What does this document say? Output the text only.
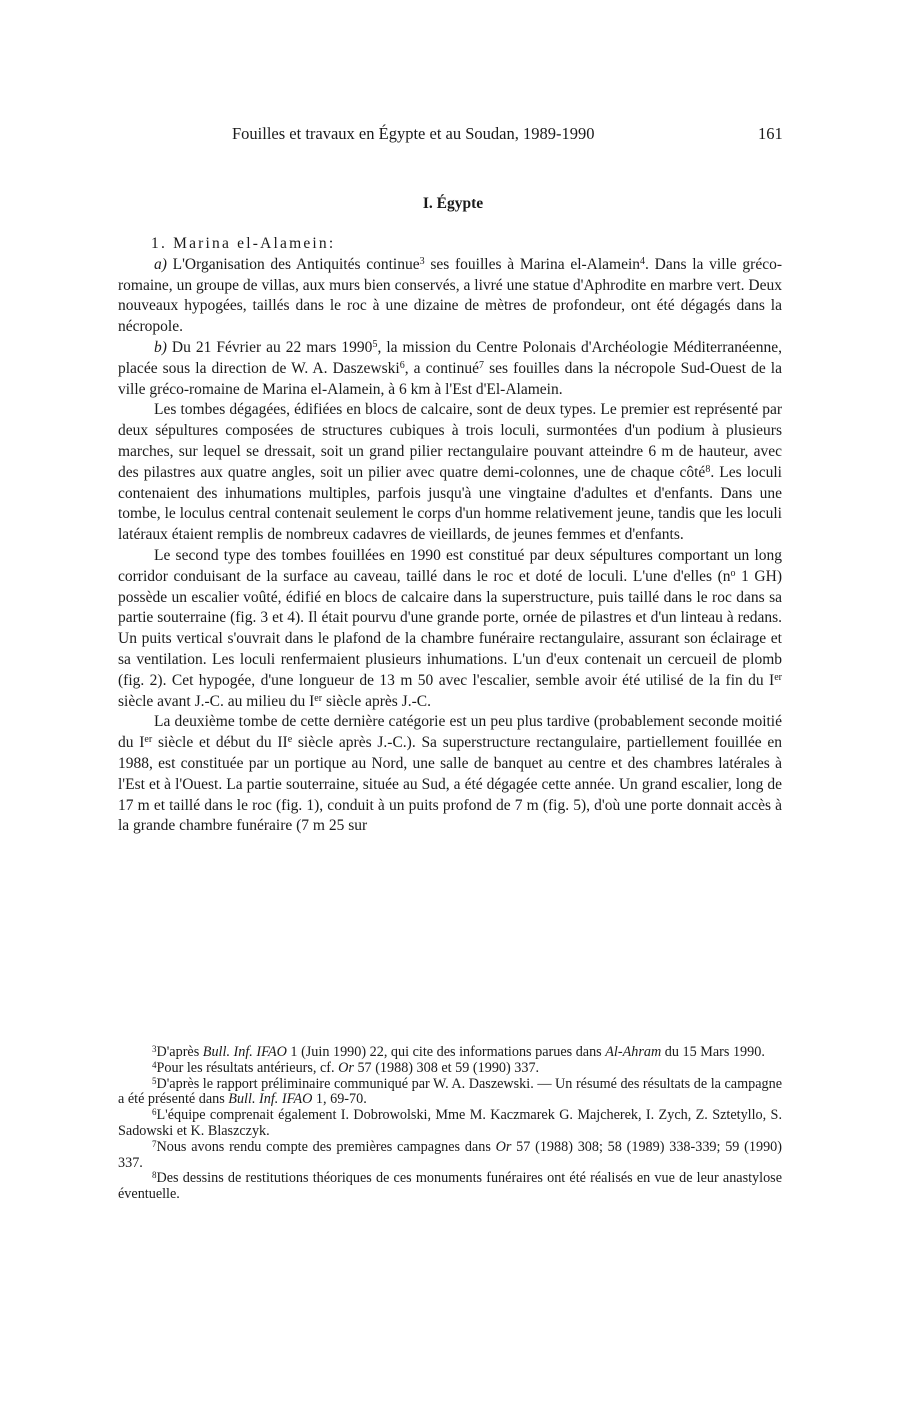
Fouilles et travaux en Égypte et au Soudan, 1989-1990	161
I. Égypte

1. Marina el-Alamein:

a) L'Organisation des Antiquités continue$^3$ ses fouilles à Marina el-Alamein$^4$. Dans la ville gréco-romaine, un groupe de villas, aux murs bien conservés, a livré une statue d'Aphrodite en marbre vert. Deux nouveaux hypogées, taillés dans le roc à une dizaine de mètres de profondeur, ont été dégagés dans la nécropole.

b) Du 21 Février au 22 mars 1990$^5$, la mission du Centre Polonais d'Archéologie Méditerranéenne, placée sous la direction de W. A. Daszewski$^6$, a continué$^7$ ses fouilles dans la nécropole Sud-Ouest de la ville gréco-romaine de Marina el-Alamein, à 6 km à l'Est d'El-Alamein.

Les tombes dégagées, édifiées en blocs de calcaire, sont de deux types. Le premier est représenté par deux sépultures composées de structures cubiques à trois loculi, surmontées d'un podium à plusieurs marches, sur lequel se dressait, soit un grand pilier rectangulaire pouvant atteindre 6 m de hauteur, avec des pilastres aux quatre angles, soit un pilier avec quatre demi-colonnes, une de chaque côté$^8$. Les loculi contenaient des inhumations multiples, parfois jusqu'à une vingtaine d'adultes et d'enfants. Dans une tombe, le loculus central contenait seulement le corps d'un homme relativement jeune, tandis que les loculi latéraux étaient remplis de nombreux cadavres de vieillards, de jeunes femmes et d'enfants.

Le second type des tombes fouillées en 1990 est constitué par deux sépultures comportant un long corridor conduisant de la surface au caveau, taillé dans le roc et doté de loculi. L'une d'elles ($n^o$ 1 GH) possède un escalier voûté, édifié en blocs de calcaire dans la superstructure, puis taillé dans le roc dans sa partie souterraine (fig. 3 et 4). Il était pourvu d'une grande porte, ornée de pilastres et d'un linteau à redans. Un puits vertical s'ouvrait dans le plafond de la chambre funéraire rectangulaire, assurant son éclairage et sa ventilation. Les loculi renfermaient plusieurs inhumations. L'un d'eux contenait un cercueil de plomb (fig. 2). Cet hypogée, d'une longueur de 13 m 50 avec l'escalier, semble avoir été utilisé de la fin du Ier siècle avant J.-C. au milieu du Ier siècle après J.-C.

La deuxième tombe de cette dernière catégorie est un peu plus tardive (probablement seconde moitié du Ier siècle et début du IIe siècle après J.-C.). Sa superstructure rectangulaire, partiellement fouillée en 1988, est constituée par un portique au Nord, une salle de banquet au centre et des chambres latérales à l'Est et à l'Ouest. La partie souterraine, située au Sud, a été dégagée cette année. Un grand escalier, long de 17 m et taillé dans le roc (fig. 1), conduit à un puits profond de 7 m (fig. 5), d'où une porte donnait accès à la grande chambre funéraire (7 m 25 sur

$^3$D'après Bull. Inf. IFAO 1 (Juin 1990) 22, qui cite des informations parues dans Al-Ahram du 15 Mars 1990.

$^4$Pour les résultats antérieurs, cf. Or 57 (1988) 308 et 59 (1990) 337.

$^5$D'après le rapport préliminaire communiqué par W. A. Daszewski. — Un résumé des résultats de la campagne a été présenté dans Bull. Inf. IFAO 1, 69-70.

$^6$L'équipe comprenait également I. Dobrowolski, Mme M. Kaczmarek G. Majcherek, I. Zych, Z. Sztetyllo, S. Sadowski et K. Blaszczyk.

$^7$Nous avons rendu compte des premières campagnes dans Or 57 (1988) 308; 58 (1989) 338-339; 59 (1990) 337.

$^8$Des dessins de restitutions théoriques de ces monuments funéraires ont été réalisés en vue de leur anastylose éventuelle.
